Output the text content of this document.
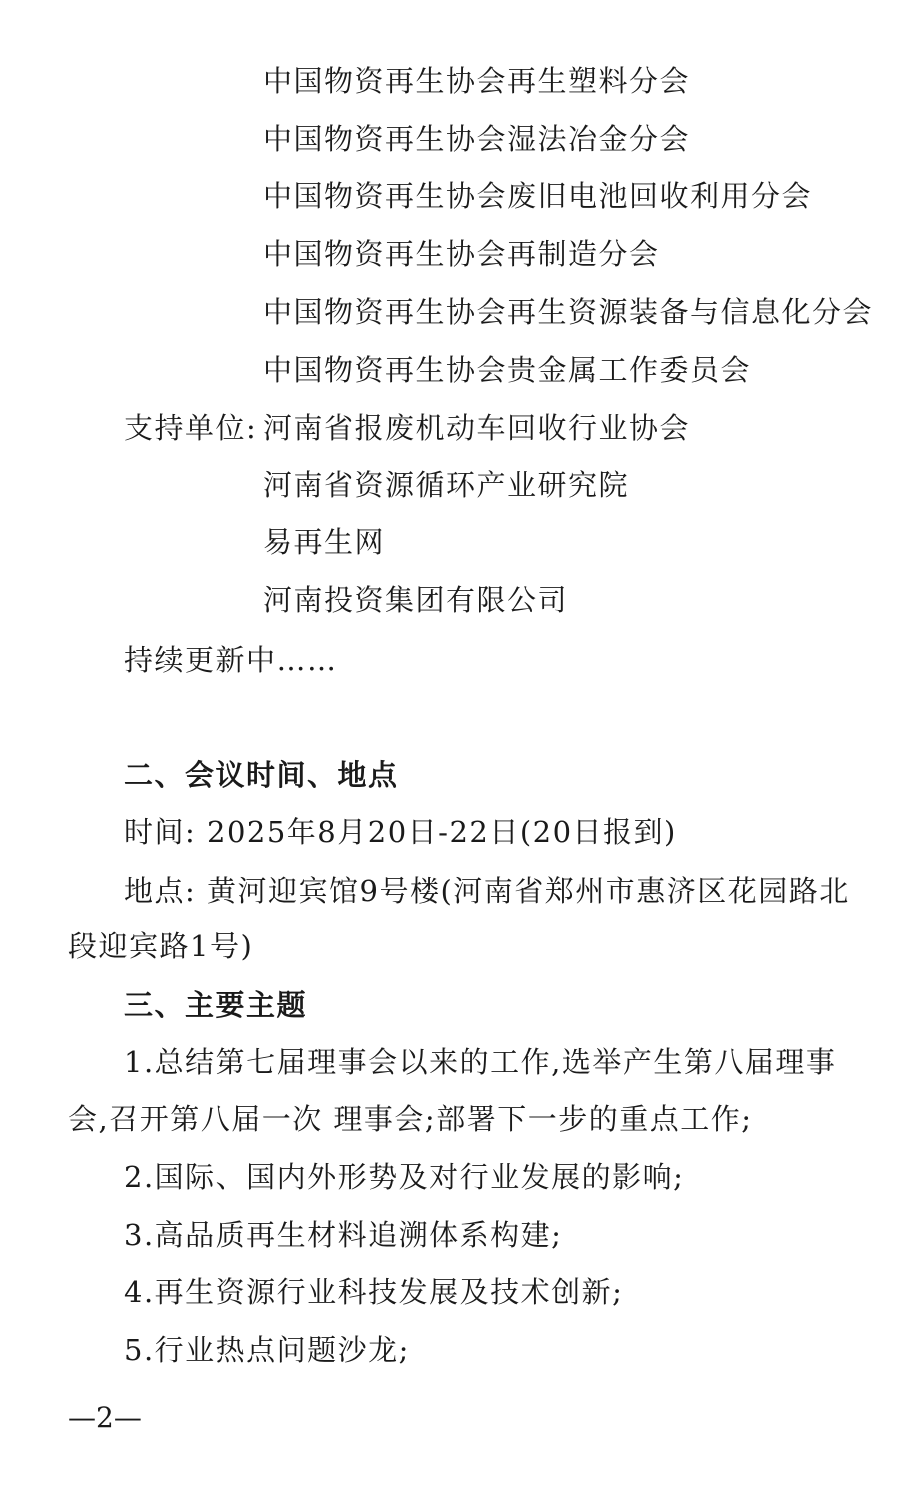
中国物资再生协会再生塑料分会
中国物资再生协会湿法冶金分会
中国物资再生协会废旧电池回收利用分会
中国物资再生协会再制造分会
中国物资再生协会再生资源装备与信息化分会
中国物资再生协会贵金属工作委员会
支持单位: 河南省报废机动车回收行业协会
河南省资源循环产业研究院
易再生网
河南投资集团有限公司
持续更新中……
二、会议时间、地点
时间: 2025年8月20日-22日(20日报到)
地点: 黄河迎宾馆9号楼(河南省郑州市惠济区花园路北
段迎宾路1号)
三、主要主题
1.总结第七届理事会以来的工作,选举产生第八届理事
会,召开第八届一次 理事会;部署下一步的重点工作;
2.国际、国内外形势及对行业发展的影响;
3.高品质再生材料追溯体系构建;
4.再生资源行业科技发展及技术创新;
5.行业热点问题沙龙;
—2—
